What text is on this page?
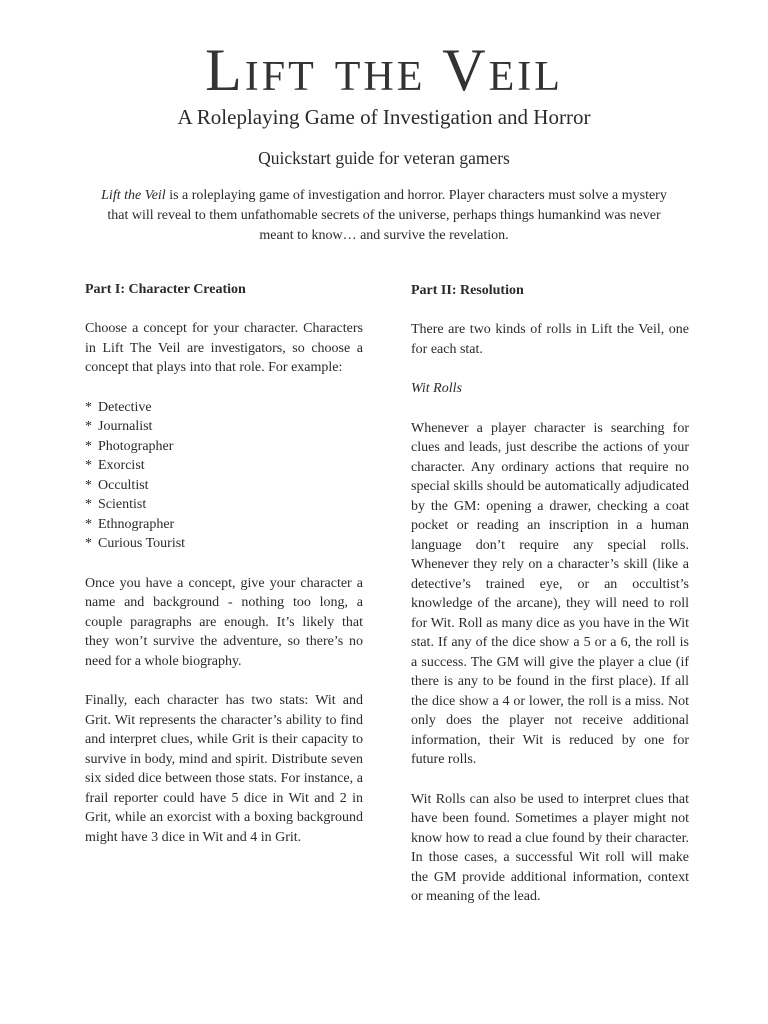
Lift the Veil
A Roleplaying Game of Investigation and Horror
Quickstart guide for veteran gamers

Lift the Veil is a roleplaying game of investigation and horror. Player characters must solve a mystery that will reveal to them unfathomable secrets of the universe, perhaps things humankind was never meant to know… and survive the revelation.

Part I: Character Creation

Choose a concept for your character. Characters in Lift The Veil are investigators, so choose a concept that plays into that role. For example:

* Detective
* Journalist
* Photographer
* Exorcist
* Occultist
* Scientist
* Ethnographer
* Curious Tourist

Once you have a concept, give your character a name and background - nothing too long, a couple paragraphs are enough. It’s likely that they won’t survive the adventure, so there’s no need for a whole biography.

Finally, each character has two stats: Wit and Grit. Wit represents the character’s ability to find and interpret clues, while Grit is their capacity to survive in body, mind and spirit. Distribute seven six sided dice between those stats. For instance, a frail reporter could have 5 dice in Wit and 2 in Grit, while an exorcist with a boxing background might have 3 dice in Wit and 4 in Grit.

Part II: Resolution

There are two kinds of rolls in Lift the Veil, one for each stat.

Wit Rolls

Whenever a player character is searching for clues and leads, just describe the actions of your character. Any ordinary actions that require no special skills should be automatically adjudicated by the GM: opening a drawer, checking a coat pocket or reading an inscription in a human language don’t require any special rolls. Whenever they rely on a character’s skill (like a detective’s trained eye, or an occultist’s knowledge of the arcane), they will need to roll for Wit. Roll as many dice as you have in the Wit stat. If any of the dice show a 5 or a 6, the roll is a success. The GM will give the player a clue (if there is any to be found in the first place). If all the dice show a 4 or lower, the roll is a miss. Not only does the player not receive additional information, their Wit is reduced by one for future rolls.

Wit Rolls can also be used to interpret clues that have been found. Sometimes a player might not know how to read a clue found by their character. In those cases, a successful Wit roll will make the GM provide additional information, context or meaning of the lead.
